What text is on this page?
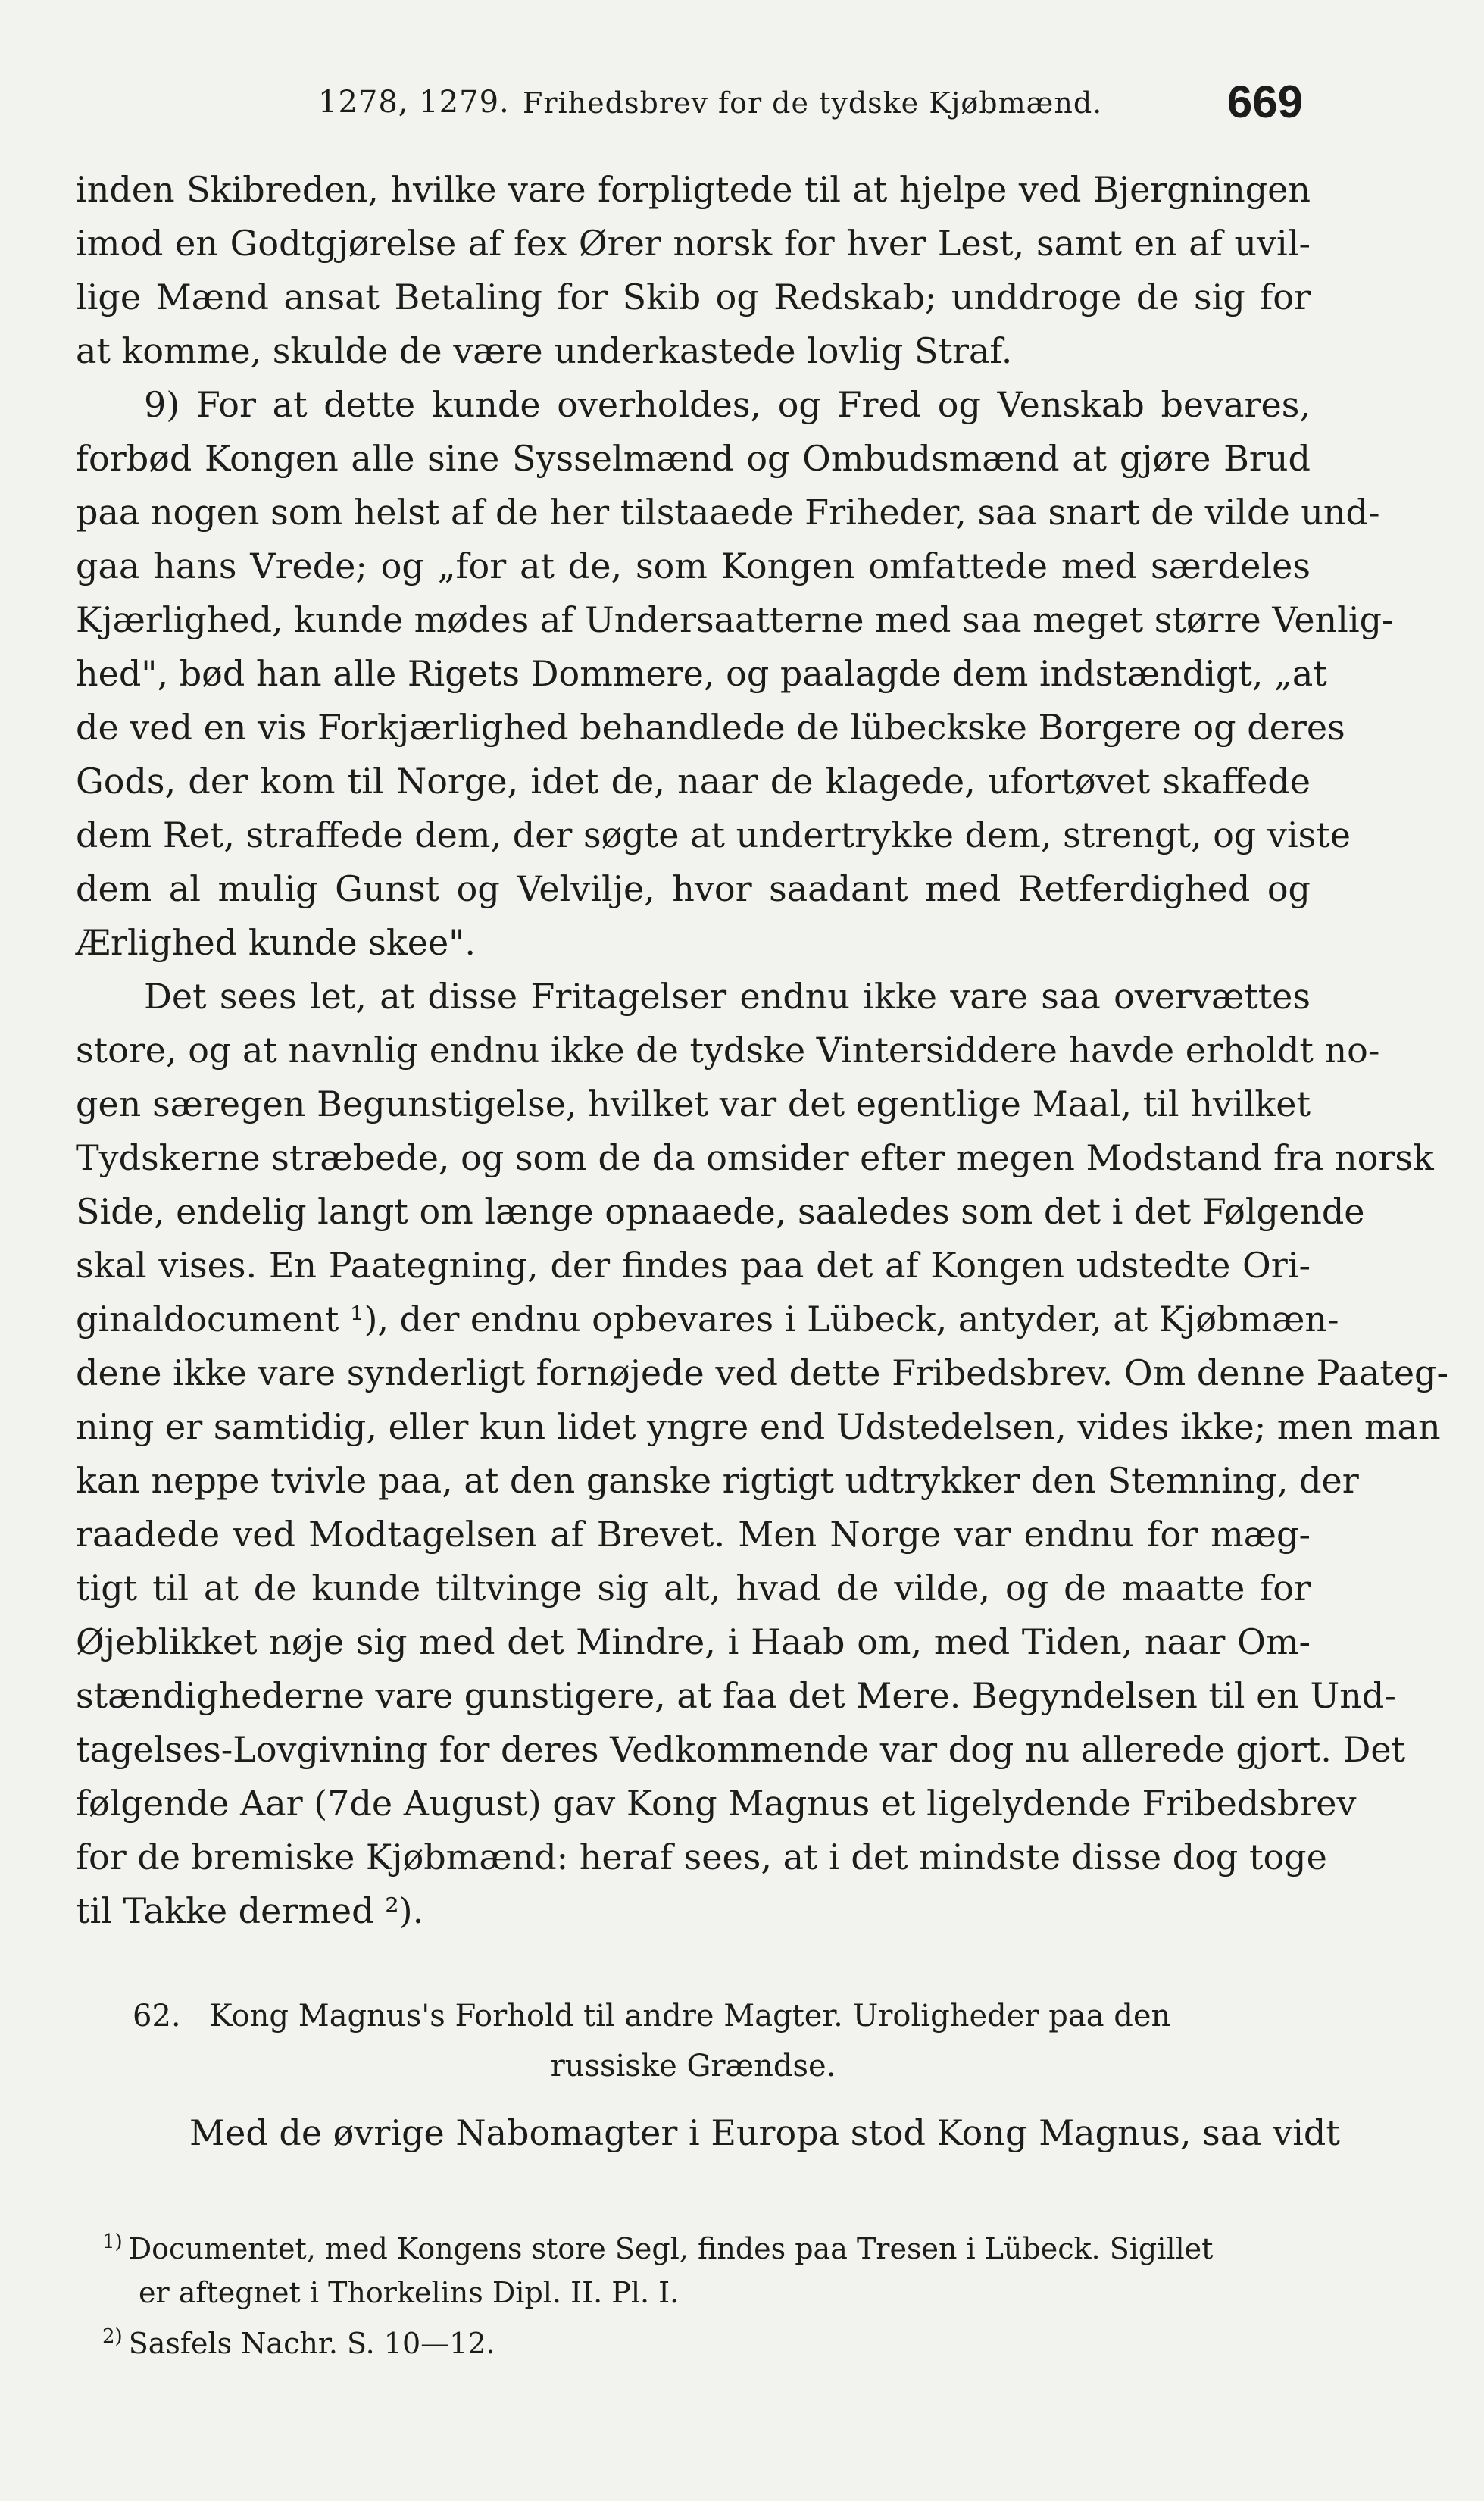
1278, 1279. Frihedsbrev for de tydske Kjøbmænd.	669
inden Skibreden, hvilke vare forpligtede til at hjelpe ved Bjergningen
imod en Godtgjørelse af fex Ører norsk for hver Lest, samt en af uvil-
lige Mænd ansat Betaling for Skib og Redskab; unddroge de sig for
at komme, skulde de være underkastede lovlig Straf.
9) For at dette kunde overholdes, og Fred og Venskab bevares,
forbød Kongen alle sine Sysselmænd og Ombudsmænd at gjøre Brud
paa nogen som helst af de her tilstaaede Friheder, saa snart de vilde und-
gaa hans Vrede; og „for at de, som Kongen omfattede med særdeles
Kjærlighed, kunde mødes af Undersaatterne med saa meget større Venlig-
hed", bød han alle Rigets Dommere, og paalagde dem indstændigt, „at
de ved en vis Forkjærlighed behandlede de lübeckske Borgere og deres
Gods, der kom til Norge, idet de, naar de klagede, ufortøvet skaffede
dem Ret, straffede dem, der søgte at undertrykke dem, strengt, og viste
dem al mulig Gunst og Velvilje, hvor saadant med Retferdighed og
Ærlighed kunde skee".
Det sees let, at disse Fritagelser endnu ikke vare saa overvættes
store, og at navnlig endnu ikke de tydske Vintersiddere havde erholdt no-
gen særegen Begunstigelse, hvilket var det egentlige Maal, til hvilket
Tydskerne stræbede, og som de da omsider efter megen Modstand fra norsk
Side, endelig langt om længe opnaaede, saaledes som det i det Følgende
skal vises. En Paategning, der findes paa det af Kongen udstedte Ori-
ginaldocument ¹), der endnu opbevares i Lübeck, antyder, at Kjøbmæn-
dene ikke vare synderligt fornøjede ved dette Fribedsbrev. Om denne Paateg-
ning er samtidig, eller kun lidet yngre end Udstedelsen, vides ikke; men man
kan neppe tvivle paa, at den ganske rigtigt udtrykker den Stemning, der
raadede ved Modtagelsen af Brevet. Men Norge var endnu for mæg-
tigt til at de kunde tiltvinge sig alt, hvad de vilde, og de maatte for
Øjeblikket nøje sig med det Mindre, i Haab om, med Tiden, naar Om-
stændighederne vare gunstigere, at faa det Mere. Begyndelsen til en Und-
tagelses-Lovgivning for deres Vedkommende var dog nu allerede gjort. Det
følgende Aar (7de August) gav Kong Magnus et ligelydende Fribedsbrev
for de bremiske Kjøbmænd: heraf sees, at i det mindste disse dog toge
til Takke dermed ²).
62. Kong Magnus's Forhold til andre Magter. Uroligheder paa den
russiske Grændse.
Med de øvrige Nabomagter i Europa stod Kong Magnus, saa vidt
$^{1)}$ Documentet, med Kongens store Segl, findes paa Tresen i Lübeck. Sigillet
er aftegnet i Thorkelins Dipl. II. Pl. I.
$^{2)}$ Sasfels Nachr. S. 10—12.
